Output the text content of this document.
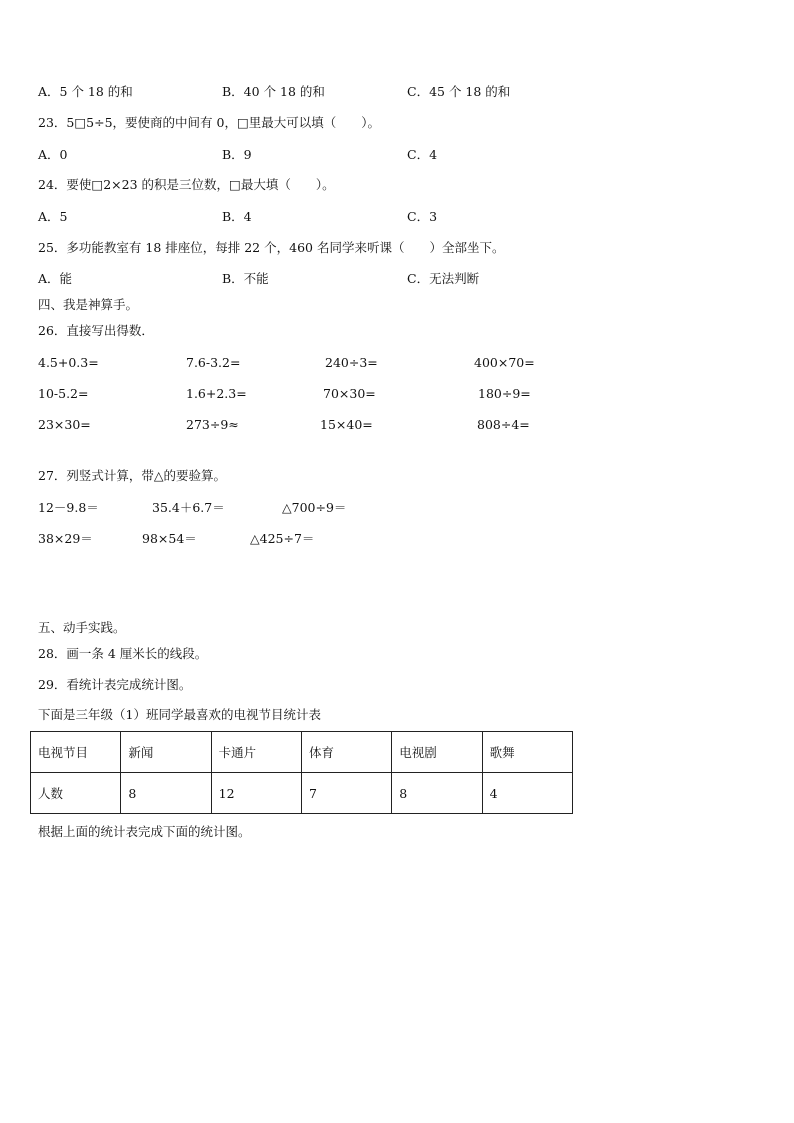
A．5 个 18 的和	B．40 个 18 的和	C．45 个 18 的和
23．5□5÷5，要使商的中间有 0，□里最大可以填（　　）。
A．0	B．9	C．4
24．要使□2×23 的积是三位数，□最大填（　　）。
A．5	B．4	C．3
25．多功能教室有 18 排座位，每排 22 个，460 名同学来听课（　　）全部坐下。
A．能	B．不能	C．无法判断
四、我是神算手。
26．直接写出得数．
4.5+0.3=	7.6-3.2=	240÷3=	400×70=
10-5.2=	1.6+2.3=	70×30=	180÷9=
23×30=	273÷9≈	15×40=	808÷4=
27．列竖式计算，带△的要验算。
12－9.8＝	35.4＋6.7＝	△700÷9＝
38×29＝	98×54＝	△425÷7＝
五、动手实践。
28．画一条 4 厘米长的线段。
29．看统计表完成统计图。
下面是三年级（1）班同学最喜欢的电视节目统计表
电视节目	新闻	卡通片	体育	电视剧	歌舞
人数	8	12	7	8	4
根据上面的统计表完成下面的统计图。
